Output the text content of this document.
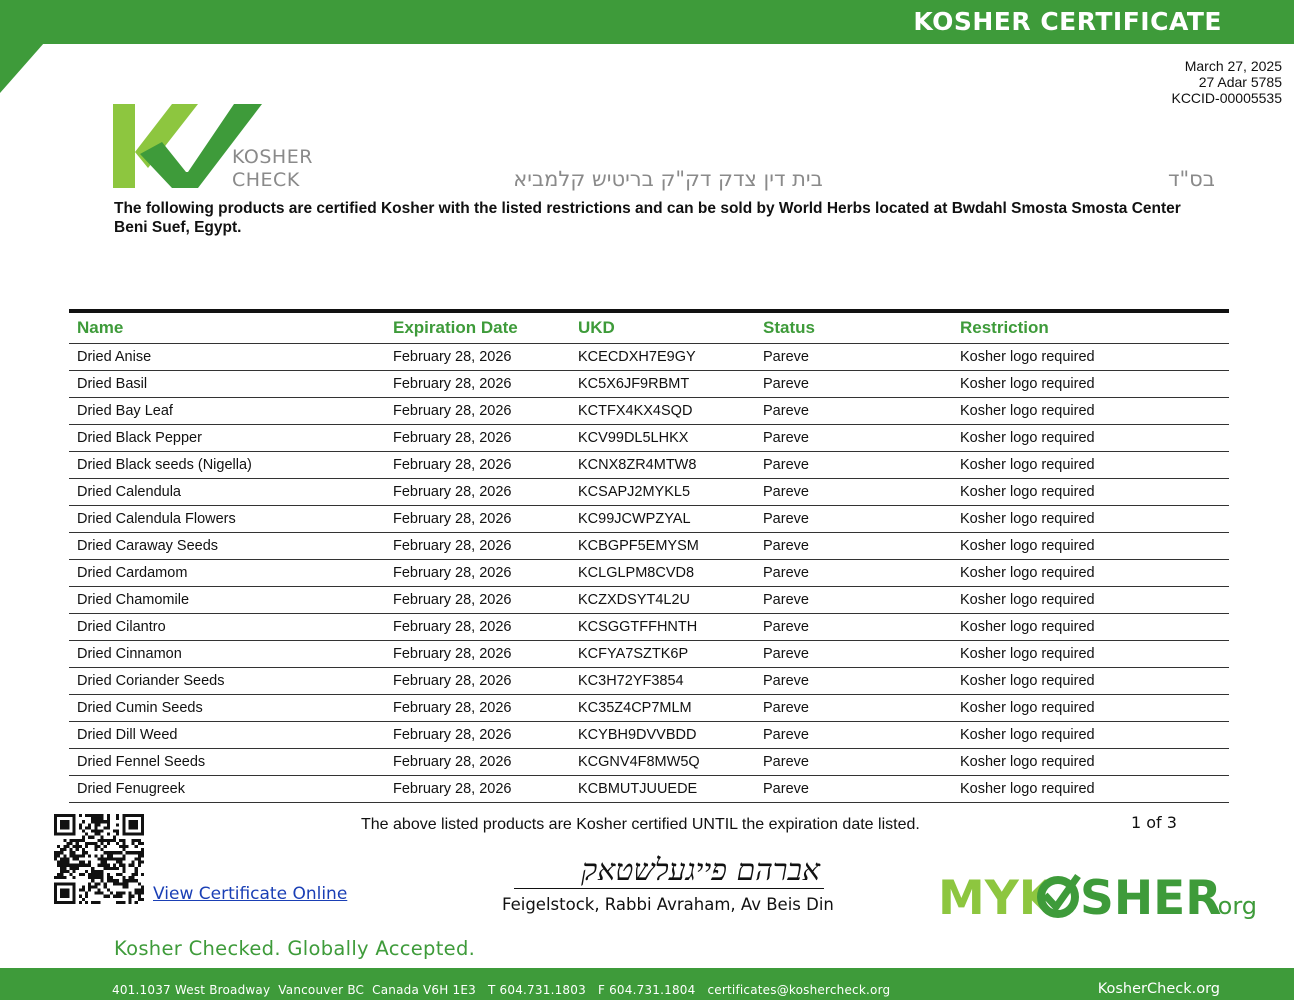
KOSHER CERTIFICATE
March 27, 2025
27 Adar 5785
KCCID-00005535
KOSHER
CHECK	בית דין צדק דק"ק בריטיש קלמביא	בס"ד
The following products are certified Kosher with the listed restrictions and can be sold by World Herbs located at Bwdahl Smosta Smosta Center Beni Suef, Egypt.
Name	Expiration Date	UKD	Status	Restriction
Dried Anise	February 28, 2026	KCECDXH7E9GY	Pareve	Kosher logo required
Dried Basil	February 28, 2026	KC5X6JF9RBMT	Pareve	Kosher logo required
Dried Bay Leaf	February 28, 2026	KCTFX4KX4SQD	Pareve	Kosher logo required
Dried Black Pepper	February 28, 2026	KCV99DL5LHKX	Pareve	Kosher logo required
Dried Black seeds (Nigella)	February 28, 2026	KCNX8ZR4MTW8	Pareve	Kosher logo required
Dried Calendula	February 28, 2026	KCSAPJ2MYKL5	Pareve	Kosher logo required
Dried Calendula Flowers	February 28, 2026	KC99JCWPZYAL	Pareve	Kosher logo required
Dried Caraway Seeds	February 28, 2026	KCBGPF5EMYSM	Pareve	Kosher logo required
Dried Cardamom	February 28, 2026	KCLGLPM8CVD8	Pareve	Kosher logo required
Dried Chamomile	February 28, 2026	KCZXDSYT4L2U	Pareve	Kosher logo required
Dried Cilantro	February 28, 2026	KCSGGTFFHNTH	Pareve	Kosher logo required
Dried Cinnamon	February 28, 2026	KCFYA7SZTK6P	Pareve	Kosher logo required
Dried Coriander Seeds	February 28, 2026	KC3H72YF3854	Pareve	Kosher logo required
Dried Cumin Seeds	February 28, 2026	KC35Z4CP7MLM	Pareve	Kosher logo required
Dried Dill Weed	February 28, 2026	KCYBH9DVVBDD	Pareve	Kosher logo required
Dried Fennel Seeds	February 28, 2026	KCGNV4F8MW5Q	Pareve	Kosher logo required
Dried Fenugreek	February 28, 2026	KCBMUTJUUEDE	Pareve	Kosher logo required
View Certificate Online
The above listed products are Kosher certified UNTIL the expiration date listed.	1 of 3
אברהם פייגעלשטאק
Feigelstock, Rabbi Avraham, Av Beis Din MYK SHER
.org
Kosher Checked. Globally Accepted.
401.1037 West Broadway  Vancouver BC  Canada V6H 1E3   T 604.731.1803   F 604.731.1804   certificates@koshercheck.org	KosherCheck.org
